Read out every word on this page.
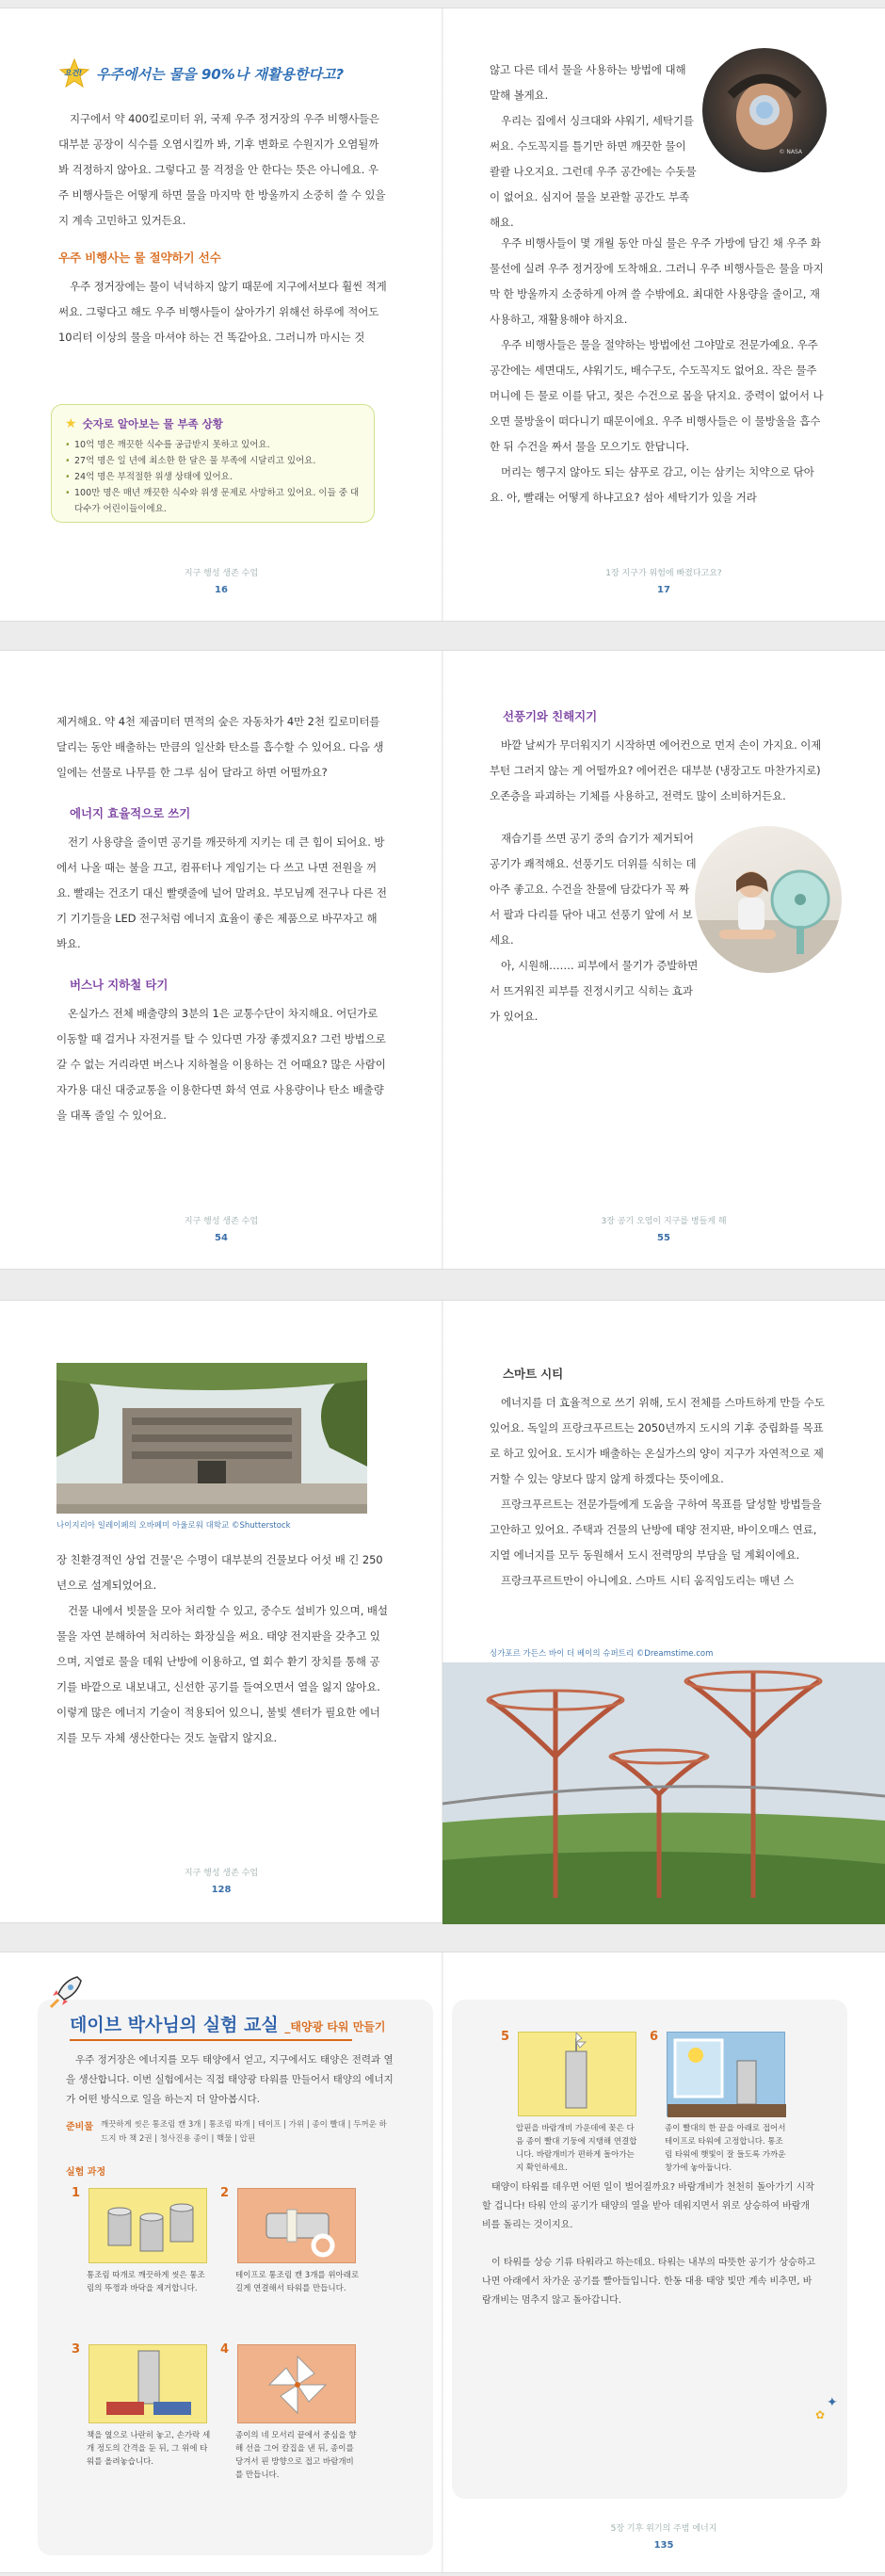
요건! 우주에서는 물을 90%나 재활용한다고?

지구에서 약 400킬로미터 위, 국제 우주 정거장의 우주 비행사들은 대부분 공장이 식수를 오염시킬까 봐, 기후 변화로 수원지가 오염될까 봐 걱정하지 않아요. 그렇다고 물 걱정을 안 한다는 뜻은 아니에요. 우주 비행사들은 어떻게 하면 물을 마지막 한 방울까지 소중히 쓸 수 있을지 계속 고민하고 있거든요.

우주 비행사는 물 절약하기 선수

우주 정거장에는 물이 넉넉하지 않기 때문에 지구에서보다 훨씬 적게 써요. 그렇다고 해도 우주 비행사들이 살아가기 위해선 하루에 적어도 10리터 이상의 물을 마셔야 하는 건 똑같아요. 그러니까 마시는 것

★ 숫자로 알아보는 물 부족 상황
• 10억 명은 깨끗한 식수를 공급받지 못하고 있어요.
• 27억 명은 일 년에 최소한 한 달은 물 부족에 시달리고 있어요.
• 24억 명은 부적절한 위생 상태에 있어요.
• 100만 명은 매년 깨끗한 식수와 위생 문제로 사망하고 있어요. 이들 중 대다수가 어린이들이에요.
지구 행성 생존 수업
16
© NASA

않고 다른 데서 물을 사용하는 방법에 대해 말해 볼게요.

우리는 집에서 싱크대와 샤워기, 세탁기를 써요. 수도꼭지를 틀기만 하면 깨끗한 물이 콸콸 나오지요. 그런데 우주 공간에는 수돗물이 없어요. 심지어 물을 보관할 공간도 부족해요.

우주 비행사들이 몇 개월 동안 마실 물은 우주 가방에 담긴 채 우주 화물선에 실려 우주 정거장에 도착해요. 그러니 우주 비행사들은 물을 마지막 한 방울까지 소중하게 아껴 쓸 수밖에요. 최대한 사용량을 줄이고, 재사용하고, 재활용해야 하지요.

우주 비행사들은 물을 절약하는 방법에선 그야말로 전문가예요. 우주 공간에는 세면대도, 샤워기도, 배수구도, 수도꼭지도 없어요. 작은 물주머니에 든 물로 이를 닦고, 젖은 수건으로 몸을 닦지요. 중력이 없어서 나오면 물방울이 떠다니기 때문이에요. 우주 비행사들은 이 물방울을 흡수한 뒤 수건을 짜서 물을 모으기도 한답니다.

머리는 헹구지 않아도 되는 샴푸로 감고, 이는 삼키는 치약으로 닦아요. 아, 빨래는 어떻게 하냐고요? 섬아 세탁기가 있을 거라

1장 지구가 위험에 빠졌다고요?
17

제거해요. 약 4천 제곱미터 면적의 숲은 자동차가 4만 2천 킬로미터를 달리는 동안 배출하는 만큼의 일산화 탄소를 흡수할 수 있어요. 다음 생일에는 선물로 나무를 한 그루 심어 달라고 하면 어떨까요?

에너지 효율적으로 쓰기

전기 사용량을 줄이면 공기를 깨끗하게 지키는 데 큰 힘이 되어요. 방에서 나올 때는 불을 끄고, 컴퓨터나 게임기는 다 쓰고 나면 전원을 꺼요. 빨래는 건조기 대신 빨랫줄에 널어 말려요. 부모님께 전구나 다른 전기 기기들을 LED 전구처럼 에너지 효율이 좋은 제품으로 바꾸자고 해 봐요.

버스나 지하철 타기

온실가스 전체 배출량의 3분의 1은 교통수단이 차지해요. 어딘가로 이동할 때 걸거나 자전거를 탈 수 있다면 가장 좋겠지요? 그런 방법으로 갈 수 없는 거리라면 버스나 지하철을 이용하는 건 어때요? 많은 사람이 자가용 대신 대중교통을 이용한다면 화석 연료 사용량이나 탄소 배출량을 대폭 줄일 수 있어요.

지구 행성 생존 수업
54
선풍기와 친해지기

바깥 날씨가 무더워지기 시작하면 에어컨으로 먼저 손이 가지요. 이제부턴 그러지 않는 게 어떨까요? 에어컨은 대부분 (냉장고도 마찬가지로) 오존층을 파괴하는 기체를 사용하고, 전력도 많이 소비하거든요.

재습기를 쓰면 공기 중의 습기가 제거되어 공기가 쾌적해요. 선풍기도 더위를 식히는 데 아주 좋고요. 수건을 찬물에 담갔다가 꼭 짜서 팔과 다리를 닦아 내고 선풍기 앞에 서 보세요.

아, 시원해……. 피부에서 물기가 증발하면서 뜨거워진 피부를 진정시키고 식히는 효과가 있어요.

3장 공기 오염이 지구를 병들게 해
55
나이지리아 일레이페의 오바페미 아울로워 대학교 ©Shutterstock

장 친환경적인 상업 건물'은 수명이 대부분의 건물보다 어섯 배 긴 250년으로 설계되었어요.

건물 내에서 빗물을 모아 처리할 수 있고, 중수도 설비가 있으며, 배설물을 자연 분해하여 처리하는 화장실을 써요. 태양 전지판을 갖추고 있으며, 지열로 물을 데워 난방에 이용하고, 열 회수 환기 장치를 통해 공기를 바깥으로 내보내고, 신선한 공기를 들여오면서 열을 잃지 않아요. 이렇게 많은 에너지 기술이 적용되어 있으니, 불빛 센터가 필요한 에너지를 모두 자체 생산한다는 것도 놀랍지 않지요.

지구 행성 생존 수업
128
스마트 시티

에너지를 더 효율적으로 쓰기 위해, 도시 전체를 스마트하게 만들 수도 있어요. 독일의 프랑크푸르트는 2050년까지 도시의 기후 중립화를 목표로 하고 있어요. 도시가 배출하는 온실가스의 양이 지구가 자연적으로 제거할 수 있는 양보다 많지 않게 하겠다는 뜻이에요.

프랑크푸르트는 전문가들에게 도움을 구하여 목표를 달성할 방법들을 고안하고 있어요. 주택과 건물의 난방에 태양 전지판, 바이오매스 연료, 지열 에너지를 모두 동원해서 도시 전력망의 부담을 덜 계획이에요.

프랑크푸르트만이 아니에요. 스마트 시티 움직임도리는 매년 스

싱가포르 가든스 바이 더 베이의 슈퍼트리 ©Dreamstime.com
데이브 박사님의 실험 교실 _태양광 타워 만들기
우주 정거장은 에너지를 모두 태양에서 얻고, 지구에서도 태양은 전력과 열을 생산합니다. 이번 실험에서는 직접 태양광 타워를 만들어서 태양의 에너지가 어떤 방식으로 일을 하는지 더 알아봅시다.
준비물 깨끗하게 씻은 통조림 캔 3개 | 통조림 따개 | 테이프 | 가위 | 종이 빨대 | 두꺼운 하드지 바 책 2권 | 청사진용 종이 | 핵물 | 압핀
실험 과정
1
통조림 따개로 깨끗하게 씻은 통조림의 뚜껑과 바닥을 제거합니다.
2
테이프로 통조림 캔 3개를 위아래로 길게 연결해서 타워를 만듭니다.
3
책을 옆으로 나란히 놓고, 손가락 세 개 정도의 간격을 둔 뒤, 그 위에 타워를 올려놓습니다.
4
종이의 네 모서리 끝에서 중심을 향해 선을 그어 칼집을 낸 뒤, 종이를 당겨서 핀 방향으로 접고 바람개비를 만듭니다.
5
압핀을 바람개비 가운데에 꽂은 다음 종이 빨대 기둥에 지탱해 연결합니다. 바람개비가 편하게 돌아가는지 확인하세요.
6
종이 빨대의 한 끝을 아래로 접어서 테이프로 타워에 고정합니다. 통조림 타워에 햇빛이 잘 들도록 가까운 창가에 놓아둡니다.
태양이 타워를 데우면 어떤 일이 벌어질까요? 바람개비가 천천히 돌아가기 시작할 겁니다! 타워 안의 공기가 태양의 열을 받아 데워지면서 위로 상승하여 바람개비를 돌리는 것이지요.
이 타워를 상승 기류 타워라고 하는데요. 타워는 내부의 따뜻한 공기가 상승하고 나면 아래에서 차가운 공기를 빨아들입니다. 한동 대용 태양 빛만 계속 비추면, 바람개비는 멈추지 않고 돌아갑니다.
✦
✿
5장 기후 위기의 주범 에너지
135
